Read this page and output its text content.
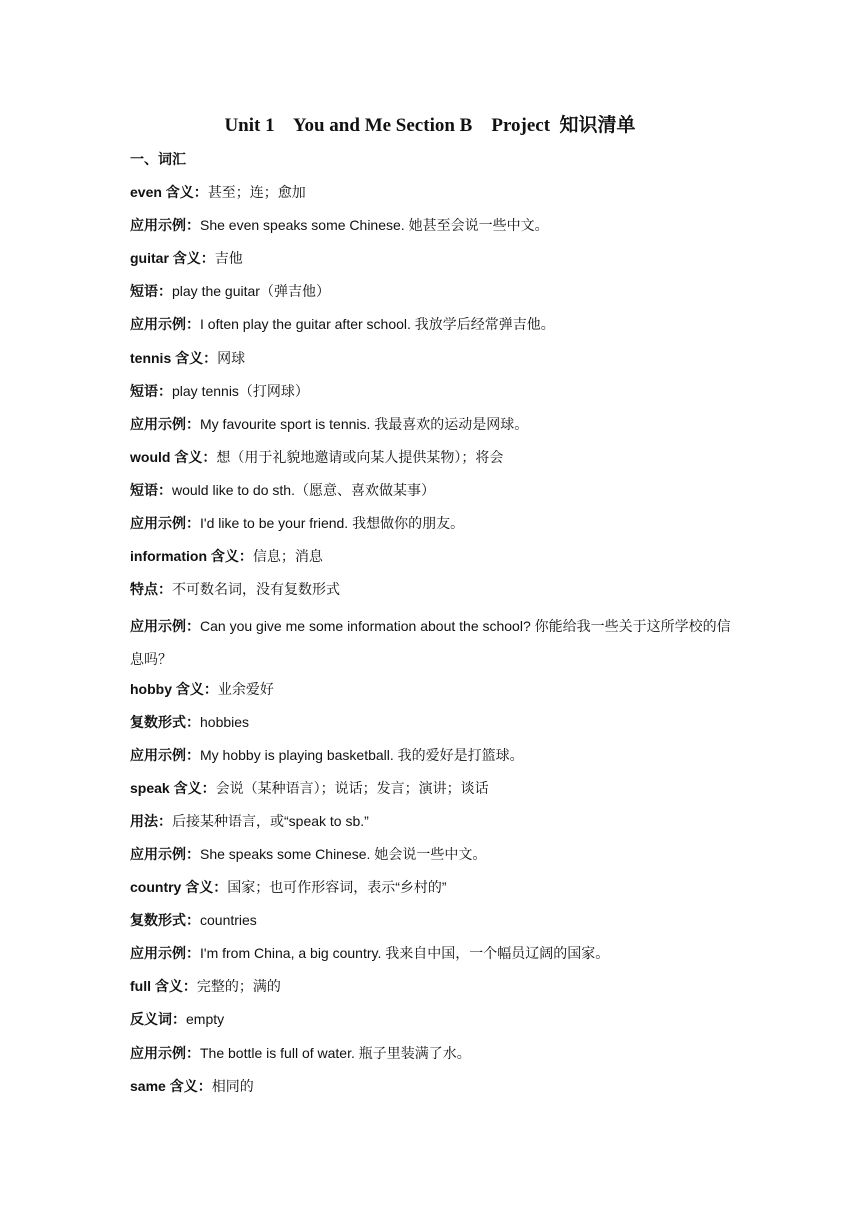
Unit 1    You and Me Section B    Project  知识清单
一、词汇
even 含义：甚至；连；愈加
应用示例：She even speaks some Chinese. 她甚至会说一些中文。
guitar 含义：吉他
短语：play the guitar（弹吉他）
应用示例：I often play the guitar after school. 我放学后经常弹吉他。
tennis 含义：网球
短语：play tennis（打网球）
应用示例：My favourite sport is tennis. 我最喜欢的运动是网球。
would 含义：想（用于礼貌地邀请或向某人提供某物）；将会
短语：would like to do sth.（愿意、喜欢做某事）
应用示例：I'd like to be your friend. 我想做你的朋友。
information 含义：信息；消息
特点：不可数名词，没有复数形式
应用示例：Can you give me some information about the school? 你能给我一些关于这所学校的信息吗？
hobby 含义：业余爱好
复数形式：hobbies
应用示例：My hobby is playing basketball. 我的爱好是打篮球。
speak 含义：会说（某种语言）；说话；发言；演讲；谈话
用法：后接某种语言，或“speak to sb.”
应用示例：She speaks some Chinese. 她会说一些中文。
country 含义：国家；也可作形容词，表示“乡村的”
复数形式：countries
应用示例：I'm from China, a big country. 我来自中国，一个幅员辽阔的国家。
full 含义：完整的；满的
反义词：empty
应用示例：The bottle is full of water. 瓶子里装满了水。
same 含义：相同的
